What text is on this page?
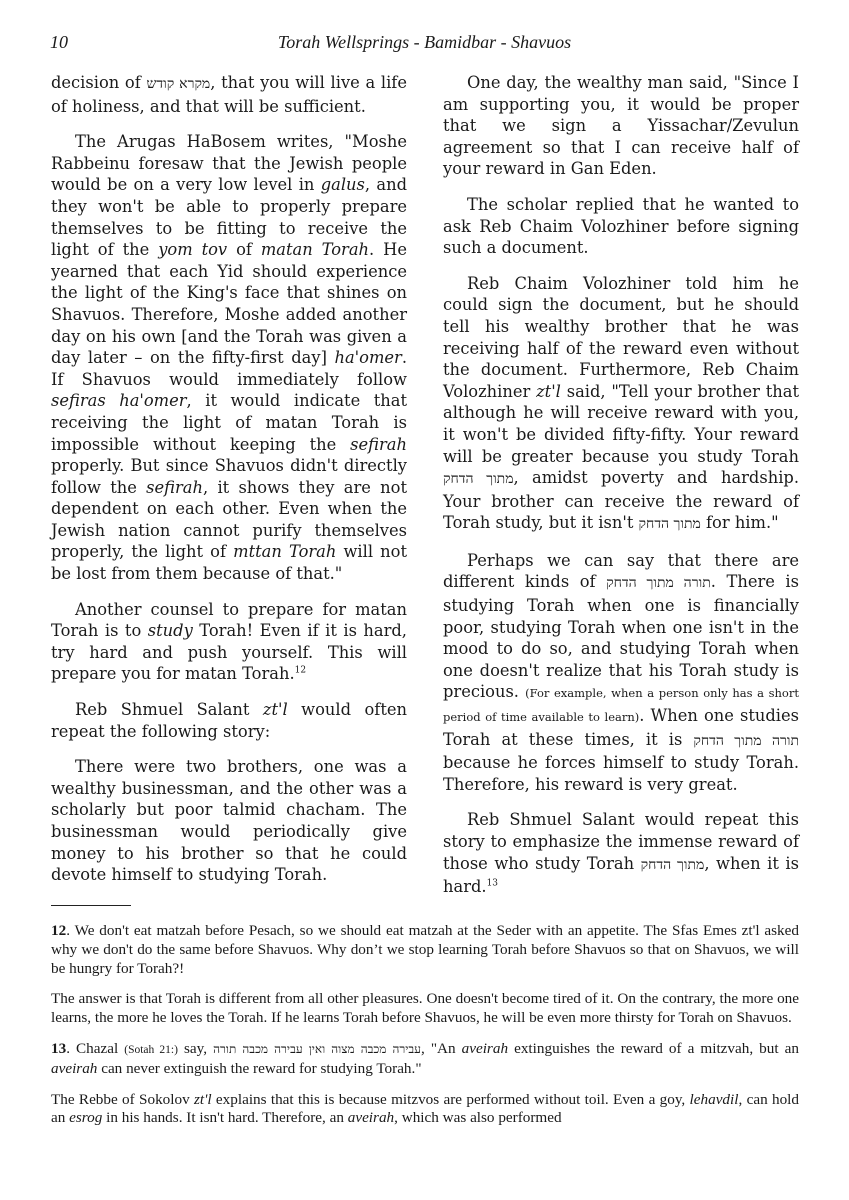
10	Torah Wellsprings - Bamidbar - Shavuos

decision of מקרא קודש, that you will live a life of holiness, and that will be sufficient.

The Arugas HaBosem writes, "Moshe Rabbeinu foresaw that the Jewish people would be on a very low level in galus, and they won't be able to properly prepare themselves to be fitting to receive the light of the yom tov of matan Torah. He yearned that each Yid should experience the light of the King's face that shines on Shavuos. Therefore, Moshe added another day on his own [and the Torah was given a day later – on the fifty-first day] ha'omer. If Shavuos would immediately follow sefiras ha'omer, it would indicate that receiving the light of matan Torah is impossible without keeping the sefirah properly. But since Shavuos didn't directly follow the sefirah, it shows they are not dependent on each other. Even when the Jewish nation cannot purify themselves properly, the light of mttan Torah will not be lost from them because of that."

Another counsel to prepare for matan Torah is to study Torah! Even if it is hard, try hard and push yourself. This will prepare you for matan Torah.$^{12}$

Reb Shmuel Salant zt'l would often repeat the following story:

There were two brothers, one was a wealthy businessman, and the other was a scholarly but poor talmid chacham. The businessman would periodically give money to his brother so that he could devote himself to studying Torah.

One day, the wealthy man said, "Since I am supporting you, it would be proper that we sign a Yissachar/Zevulun agreement so that I can receive half of your reward in Gan Eden.

The scholar replied that he wanted to ask Reb Chaim Volozhiner before signing such a document.

Reb Chaim Volozhiner told him he could sign the document, but he should tell his wealthy brother that he was receiving half of the reward even without the document. Furthermore, Reb Chaim Volozhiner zt'l said, "Tell your brother that although he will receive reward with you, it won't be divided fifty-fifty. Your reward will be greater because you study Torah מתוך הדחק, amidst poverty and hardship. Your brother can receive the reward of Torah study, but it isn't מתוך הדחק for him."

Perhaps we can say that there are different kinds of תורה מתוך הדחק. There is studying Torah when one is financially poor, studying Torah when one isn't in the mood to do so, and studying Torah when one doesn't realize that his Torah study is precious. (For example, when a person only has a short period of time available to learn). When one studies Torah at these times, it is תורה מתוך הדחק because he forces himself to study Torah. Therefore, his reward is very great.

Reb Shmuel Salant would repeat this story to emphasize the immense reward of those who study Torah מתוך הדחק, when it is hard.$^{13}$

12. We don't eat matzah before Pesach, so we should eat matzah at the Seder with an appetite. The Sfas Emes zt'l asked why we don't do the same before Shavuos. Why don’t we stop learning Torah before Shavuos so that on Shavuos, we will be hungry for Torah?!

The answer is that Torah is different from all other pleasures. One doesn't become tired of it. On the contrary, the more one learns, the more he loves the Torah. If he learns Torah before Shavuos, he will be even more thirsty for Torah on Shavuos.

13. Chazal (Sotah 21:) say, עבירה מכבה מצוה ואין עבירה מכבה תורה, "An aveirah extinguishes the reward of a mitzvah, but an aveirah can never extinguish the reward for studying Torah."

The Rebbe of Sokolov zt'l explains that this is because mitzvos are performed without toil. Even a goy, lehavdil, can hold an esrog in his hands. It isn't hard. Therefore, an aveirah, which was also performed
